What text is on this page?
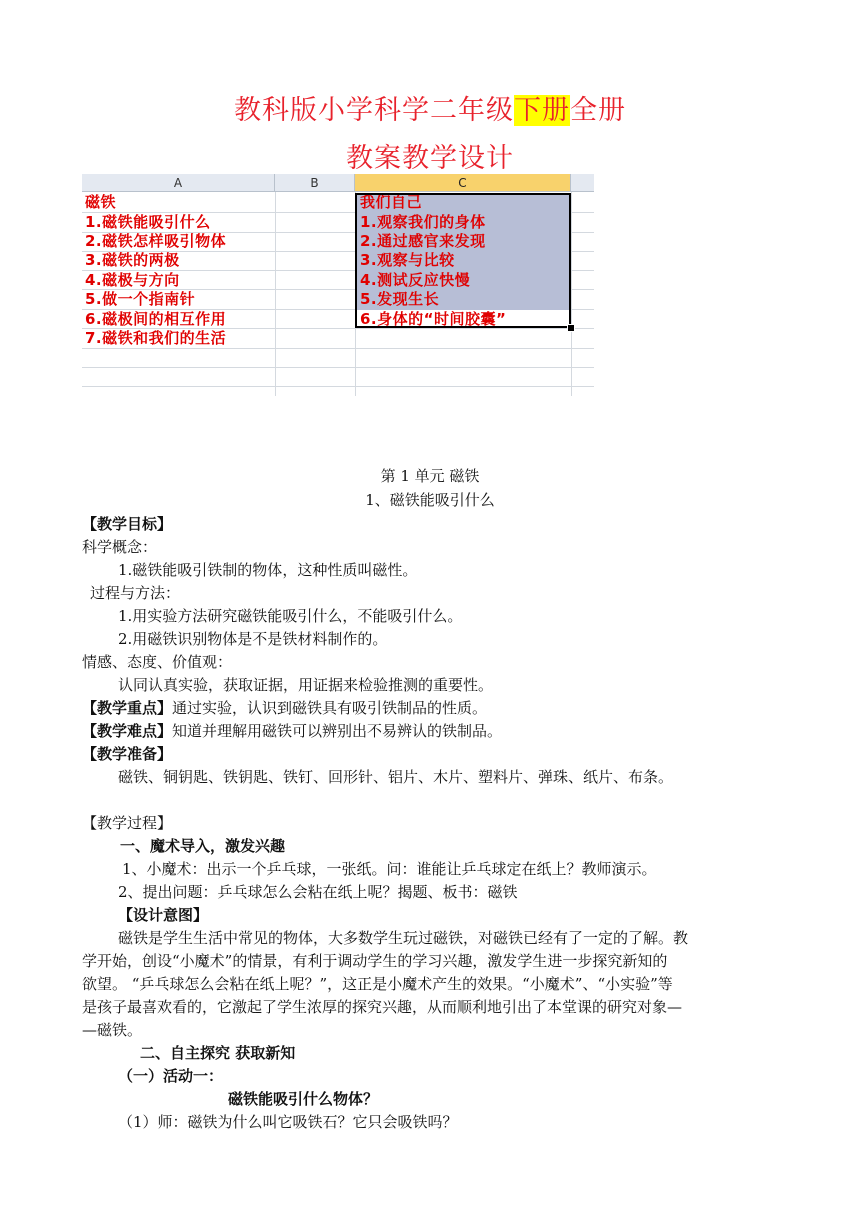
教科版小学科学二年级下册全册
教案教学设计
A	B	C
磁铁
1.磁铁能吸引什么
2.磁铁怎样吸引物体
3.磁铁的两极
4.磁极与方向
5.做一个指南针
6.磁极间的相互作用
7.磁铁和我们的生活
我们自己
1.观察我们的身体
2.通过感官来发现
3.观察与比较
4.测试反应快慢
5.发现生长
6.身体的“时间胶囊”
第 1 单元 磁铁
1、磁铁能吸引什么
【教学目标】
科学概念：
1.磁铁能吸引铁制的物体，这种性质叫磁性。
过程与方法：
1.用实验方法研究磁铁能吸引什么，不能吸引什么。
2.用磁铁识别物体是不是铁材料制作的。
情感、态度、价值观：
认同认真实验，获取证据，用证据来检验推测的重要性。
【教学重点】通过实验，认识到磁铁具有吸引铁制品的性质。
【教学难点】知道并理解用磁铁可以辨别出不易辨认的铁制品。
【教学准备】
磁铁、铜钥匙、铁钥匙、铁钉、回形针、铝片、木片、塑料片、弹珠、纸片、布条。
【教学过程】
一、魔术导入，激发兴趣
1、小魔术：出示一个乒乓球，一张纸。问：谁能让乒乓球定在纸上？教师演示。
2、提出问题：乒乓球怎么会粘在纸上呢？揭题、板书：磁铁
【设计意图】
磁铁是学生生活中常见的物体，大多数学生玩过磁铁，对磁铁已经有了一定的了解。教
学开始，创设“小魔术”的情景，有利于调动学生的学习兴趣，激发学生进一步探究新知的
欲望。 “乒乓球怎么会粘在纸上呢？”，这正是小魔术产生的效果。“小魔术”、“小实验”等
是孩子最喜欢看的，它激起了学生浓厚的探究兴趣，从而顺利地引出了本堂课的研究对象—
—磁铁。
二、自主探究 获取新知
（一）活动一：
磁铁能吸引什么物体？
（1）师：磁铁为什么叫它吸铁石？它只会吸铁吗？
